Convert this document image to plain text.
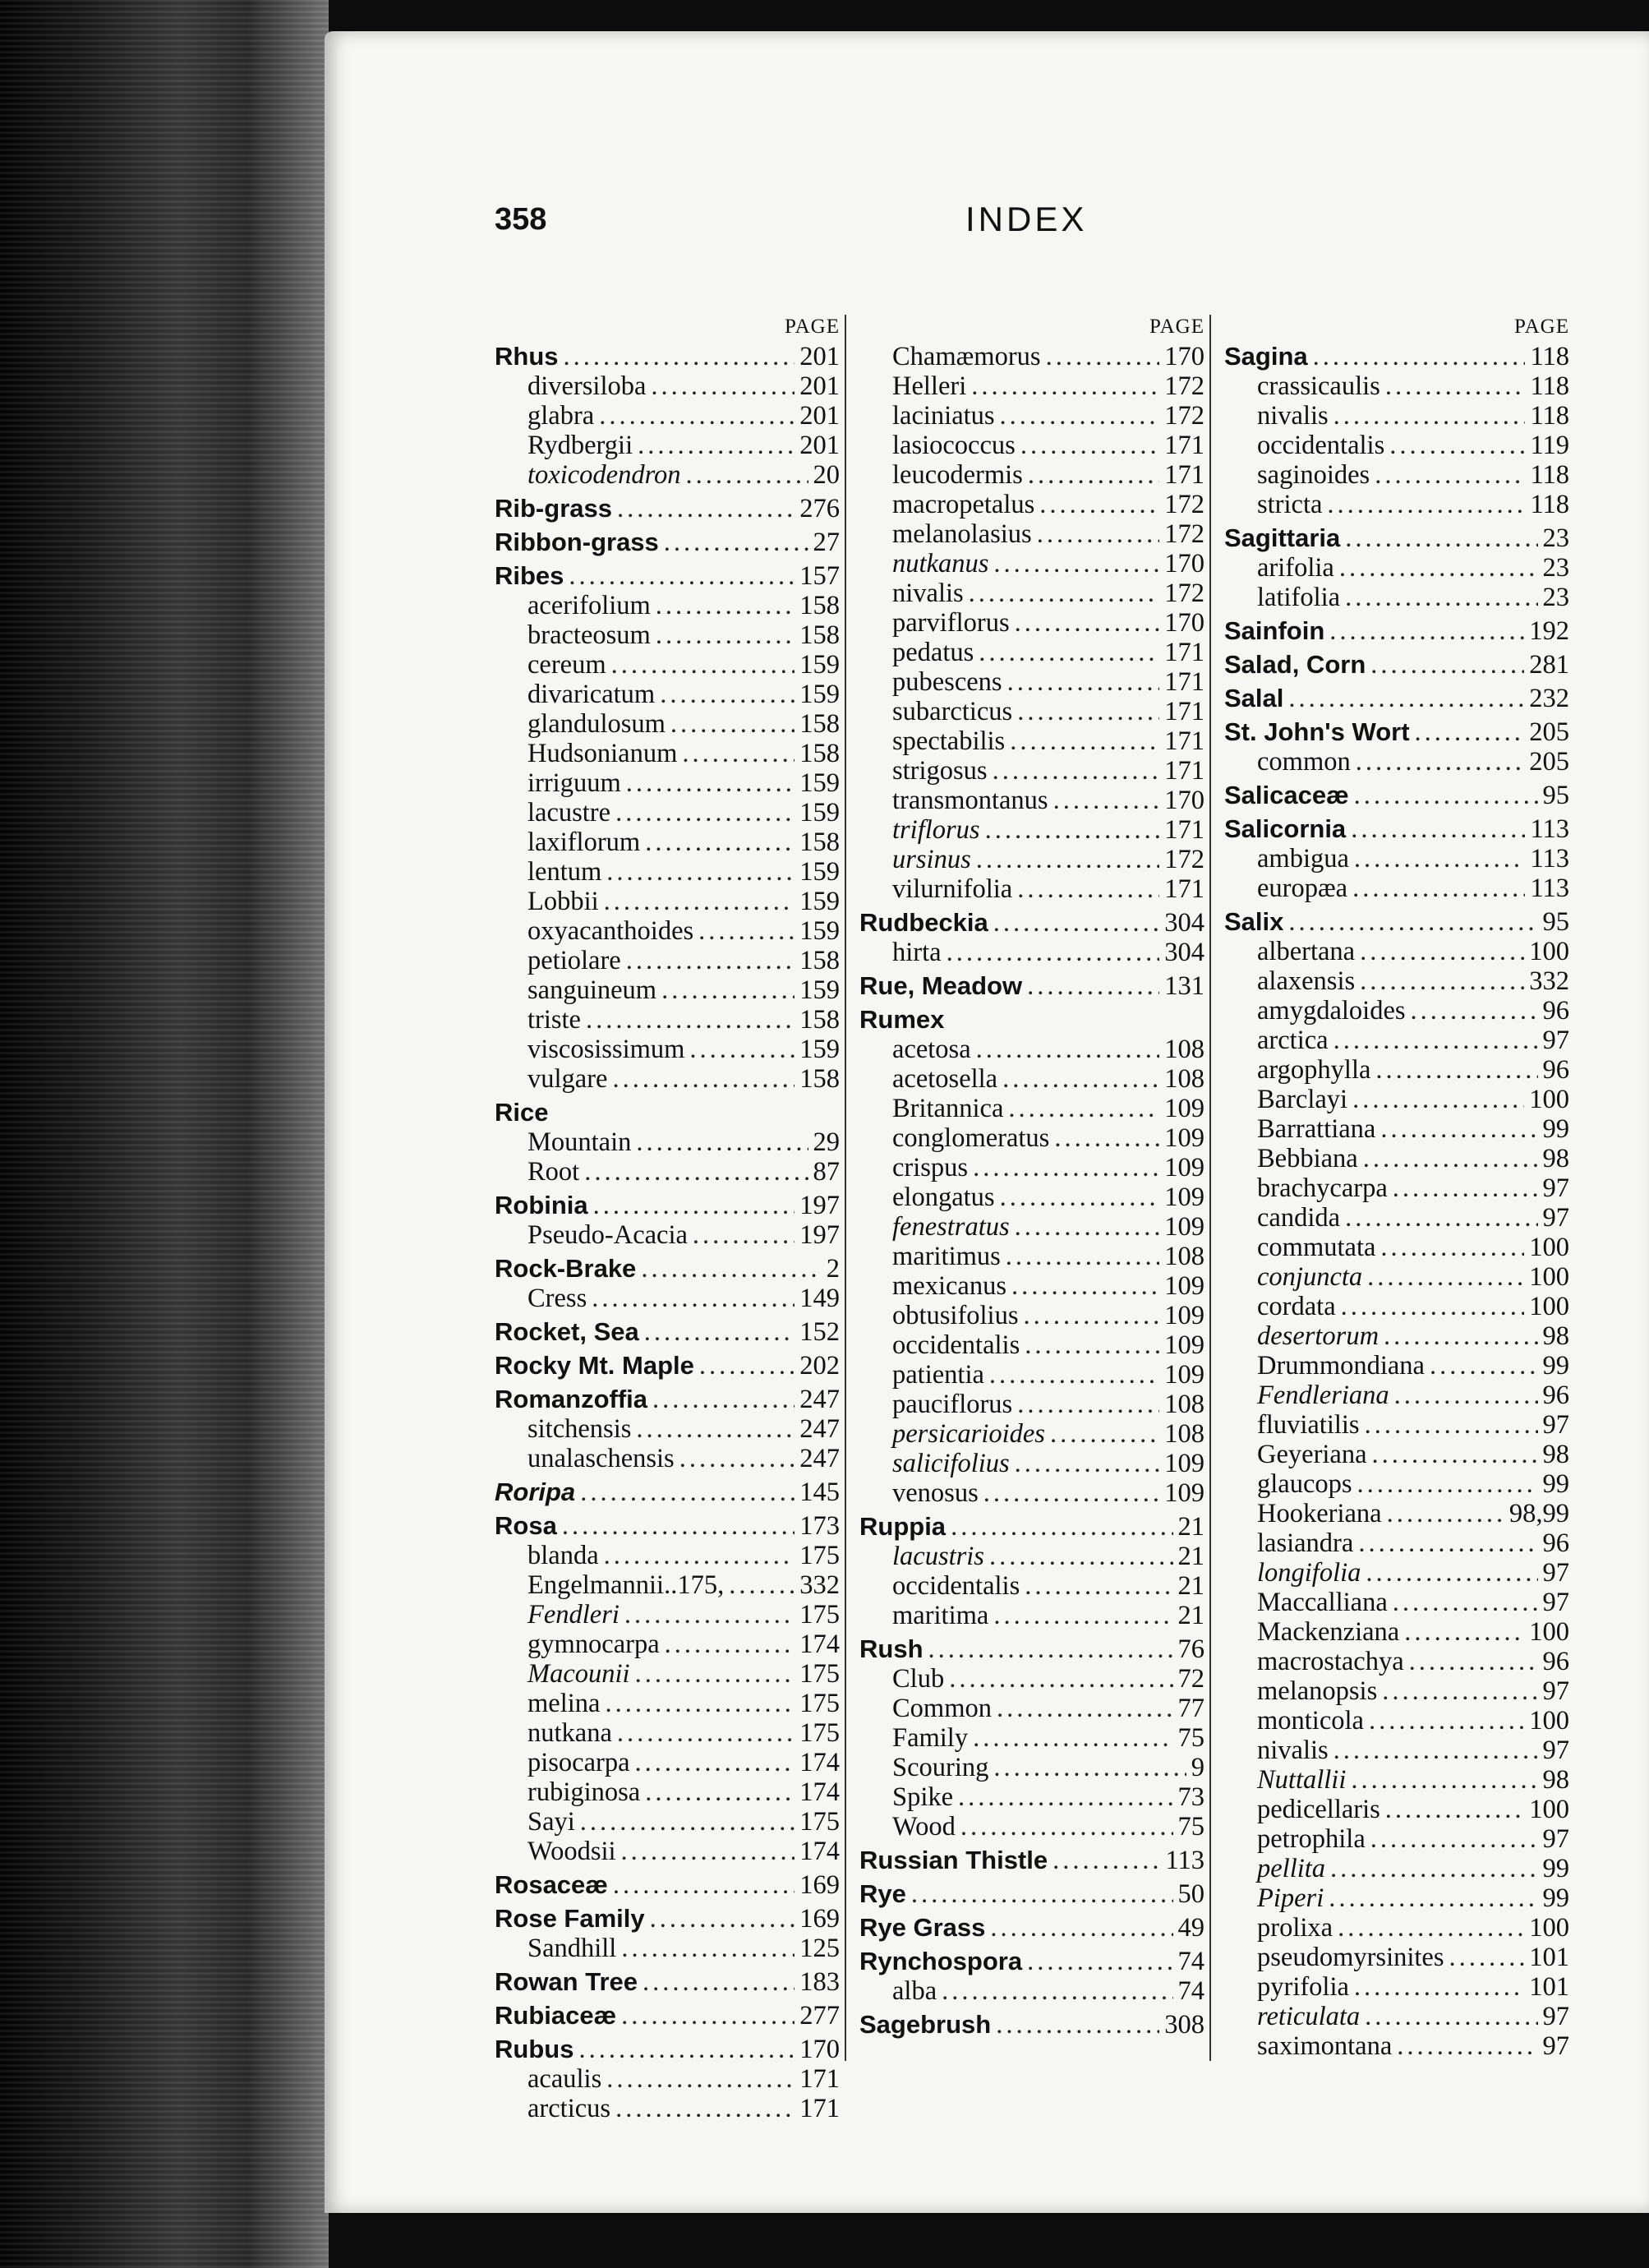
358	INDEX
PAGE
Rhus .....	201
diversiloba .....	201
glabra .....	201
Rydbergii .....	201
toxicodendron .....	20
Rib-grass .....	276
Ribbon-grass .....	27
Ribes .....	157
acerifolium .....	158
bracteosum .....	158
cereum .....	159
divaricatum .....	159
glandulosum .....	158
Hudsonianum .....	158
irriguum .....	159
lacustre .....	159
laxiflorum .....	158
lentum .....	159
Lobbii .....	159
oxyacanthoides .....	159
petiolare .....	158
sanguineum .....	159
triste .....	158
viscosissimum .....	159
vulgare .....	158
Rice
Mountain .....	29
Root .....	87
Robinia .....	197
Pseudo-Acacia .....	197
Rock-Brake .....	2
Cress .....	149
Rocket, Sea .....	152
Rocky Mt. Maple .....	202
Romanzoffia .....	247
sitchensis .....	247
unalaschensis .....	247
Roripa .....	145
Rosa .....	173
blanda .....	175
Engelmannii..175, .....	332
Fendleri .....	175
gymnocarpa .....	174
Macounii .....	175
melina .....	175
nutkana .....	175
pisocarpa .....	174
rubiginosa .....	174
Sayi .....	175
Woodsii .....	174
Rosaceæ .....	169
Rose Family .....	169
Sandhill .....	125
Rowan Tree .....	183
Rubiaceæ .....	277
Rubus .....	170
acaulis .....	171
arcticus .....	171
PAGE
Chamæmorus .....	170
Helleri .....	172
laciniatus .....	172
lasiococcus .....	171
leucodermis .....	171
macropetalus .....	172
melanolasius .....	172
nutkanus .....	170
nivalis .....	172
parviflorus .....	170
pedatus .....	171
pubescens .....	171
subarcticus .....	171
spectabilis .....	171
strigosus .....	171
transmontanus .....	170
triflorus .....	171
ursinus .....	172
vilurnifolia .....	171
Rudbeckia .....	304
hirta .....	304
Rue, Meadow .....	131
Rumex
acetosa .....	108
acetosella .....	108
Britannica .....	109
conglomeratus .....	109
crispus .....	109
elongatus .....	109
fenestratus .....	109
maritimus .....	108
mexicanus .....	109
obtusifolius .....	109
occidentalis .....	109
patientia .....	109
pauciflorus .....	108
persicarioides .....	108
salicifolius .....	109
venosus .....	109
Ruppia .....	21
lacustris .....	21
occidentalis .....	21
maritima .....	21
Rush .....	76
Club .....	72
Common .....	77
Family .....	75
Scouring .....	9
Spike .....	73
Wood .....	75
Russian Thistle .....	113
Rye .....	50
Rye Grass .....	49
Rynchospora .....	74
alba .....	74
Sagebrush .....	308
PAGE
Sagina .....	118
crassicaulis .....	118
nivalis .....	118
occidentalis .....	119
saginoides .....	118
stricta .....	118
Sagittaria .....	23
arifolia .....	23
latifolia .....	23
Sainfoin .....	192
Salad, Corn .....	281
Salal .....	232
St. John's Wort .....	205
common .....	205
Salicaceæ .....	95
Salicornia .....	113
ambigua .....	113
europæa .....	113
Salix .....	95
albertana .....	100
alaxensis .....	332
amygdaloides .....	96
arctica .....	97
argophylla .....	96
Barclayi .....	100
Barrattiana .....	99
Bebbiana .....	98
brachycarpa .....	97
candida .....	97
commutata .....	100
conjuncta .....	100
cordata .....	100
desertorum .....	98
Drummondiana .....	99
Fendleriana .....	96
fluviatilis .....	97
Geyeriana .....	98
glaucops .....	99
Hookeriana .....	98,99
lasiandra .....	96
longifolia .....	97
Maccalliana .....	97
Mackenziana .....	100
macrostachya .....	96
melanopsis .....	97
monticola .....	100
nivalis .....	97
Nuttallii .....	98
pedicellaris .....	100
petrophila .....	97
pellita .....	99
Piperi .....	99
prolixa .....	100
pseudomyrsinites .....	101
pyrifolia .....	101
reticulata .....	97
saximontana .....	97
